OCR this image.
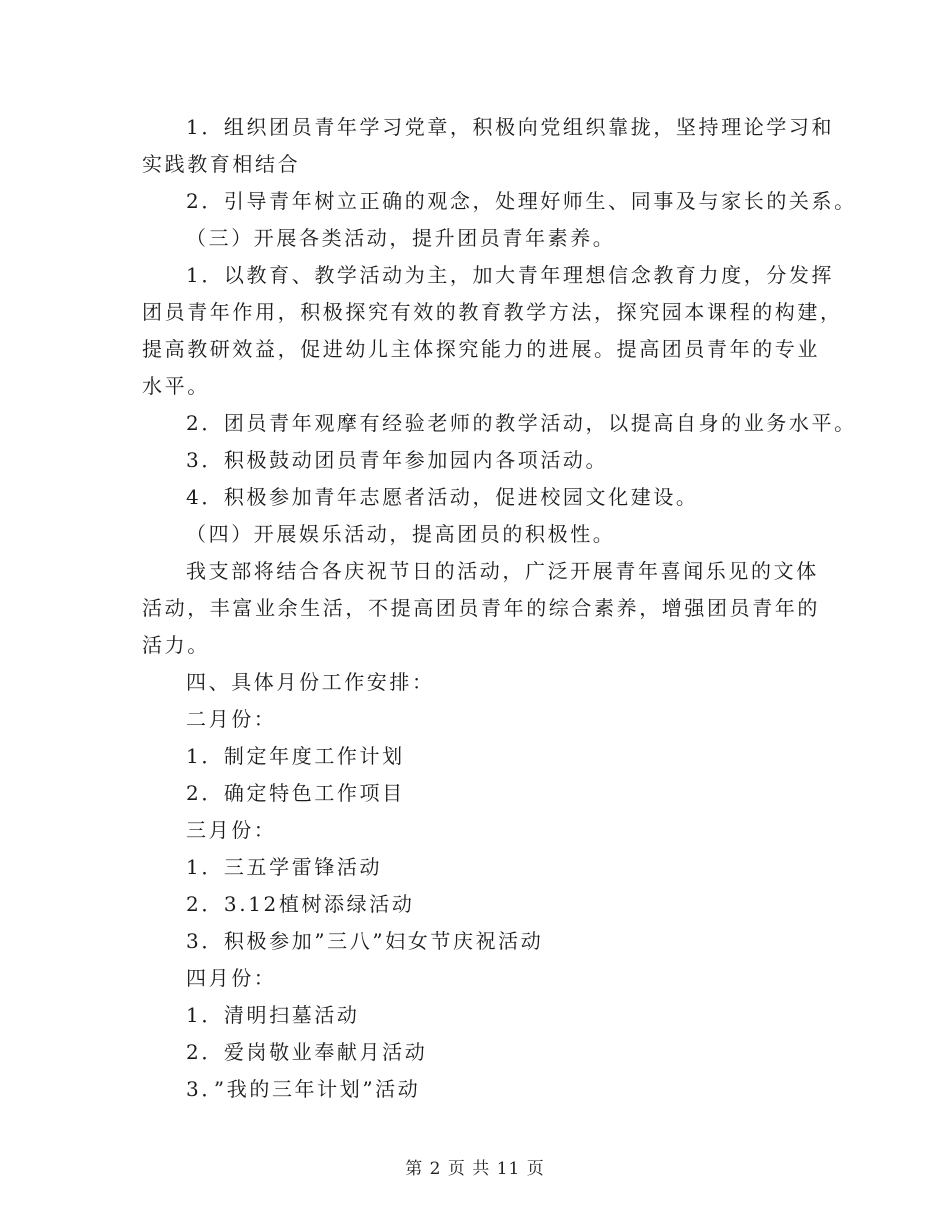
1．组织团员青年学习党章，积极向党组织靠拢，坚持理论学习和
实践教育相结合
2．引导青年树立正确的观念，处理好师生、同事及与家长的关系。
（三）开展各类活动，提升团员青年素养。
1．以教育、教学活动为主，加大青年理想信念教育力度，分发挥
团员青年作用，积极探究有效的教育教学方法，探究园本课程的构建，
提高教研效益，促进幼儿主体探究能力的进展。提高团员青年的专业
水平。
2．团员青年观摩有经验老师的教学活动，以提高自身的业务水平。
3．积极鼓动团员青年参加园内各项活动。
4．积极参加青年志愿者活动，促进校园文化建设。
（四）开展娱乐活动，提高团员的积极性。
我支部将结合各庆祝节日的活动，广泛开展青年喜闻乐见的文体
活动，丰富业余生活，不提高团员青年的综合素养，增强团员青年的
活力。
四、具体月份工作安排：
二月份：
1．制定年度工作计划
2．确定特色工作项目
三月份：
1．三五学雷锋活动
2．3.12植树添绿活动
3．积极参加”三八”妇女节庆祝活动
四月份：
1．清明扫墓活动
2．爱岗敬业奉献月活动
3．”我的三年计划”活动
第 2 页 共 11 页
